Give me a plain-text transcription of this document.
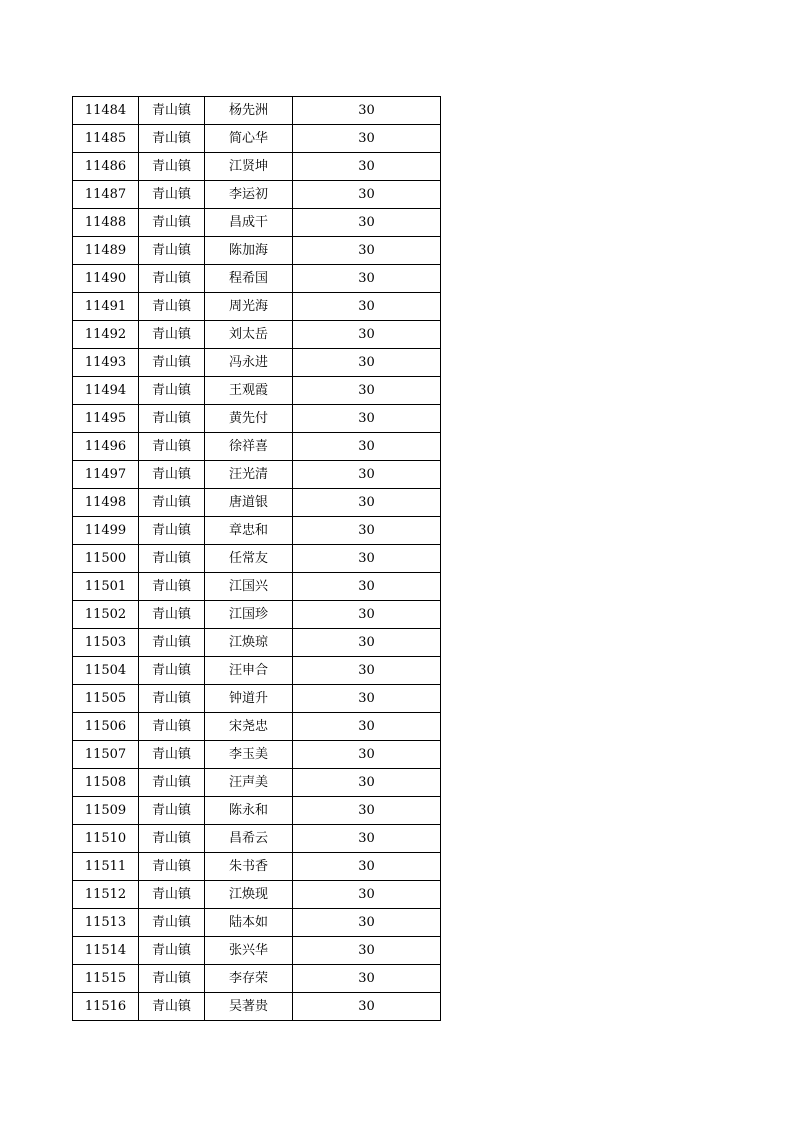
11484	青山镇	杨先洲	30
11485	青山镇	简心华	30
11486	青山镇	江贤坤	30
11487	青山镇	李运初	30
11488	青山镇	昌成干	30
11489	青山镇	陈加海	30
11490	青山镇	程希国	30
11491	青山镇	周光海	30
11492	青山镇	刘太岳	30
11493	青山镇	冯永进	30
11494	青山镇	王观霞	30
11495	青山镇	黄先付	30
11496	青山镇	徐祥喜	30
11497	青山镇	汪光清	30
11498	青山镇	唐道银	30
11499	青山镇	章忠和	30
11500	青山镇	任常友	30
11501	青山镇	江国兴	30
11502	青山镇	江国珍	30
11503	青山镇	江焕琼	30
11504	青山镇	汪申合	30
11505	青山镇	钟道升	30
11506	青山镇	宋尧忠	30
11507	青山镇	李玉美	30
11508	青山镇	汪声美	30
11509	青山镇	陈永和	30
11510	青山镇	昌希云	30
11511	青山镇	朱书香	30
11512	青山镇	江焕现	30
11513	青山镇	陆本如	30
11514	青山镇	张兴华	30
11515	青山镇	李存荣	30
11516	青山镇	吴著贵	30
